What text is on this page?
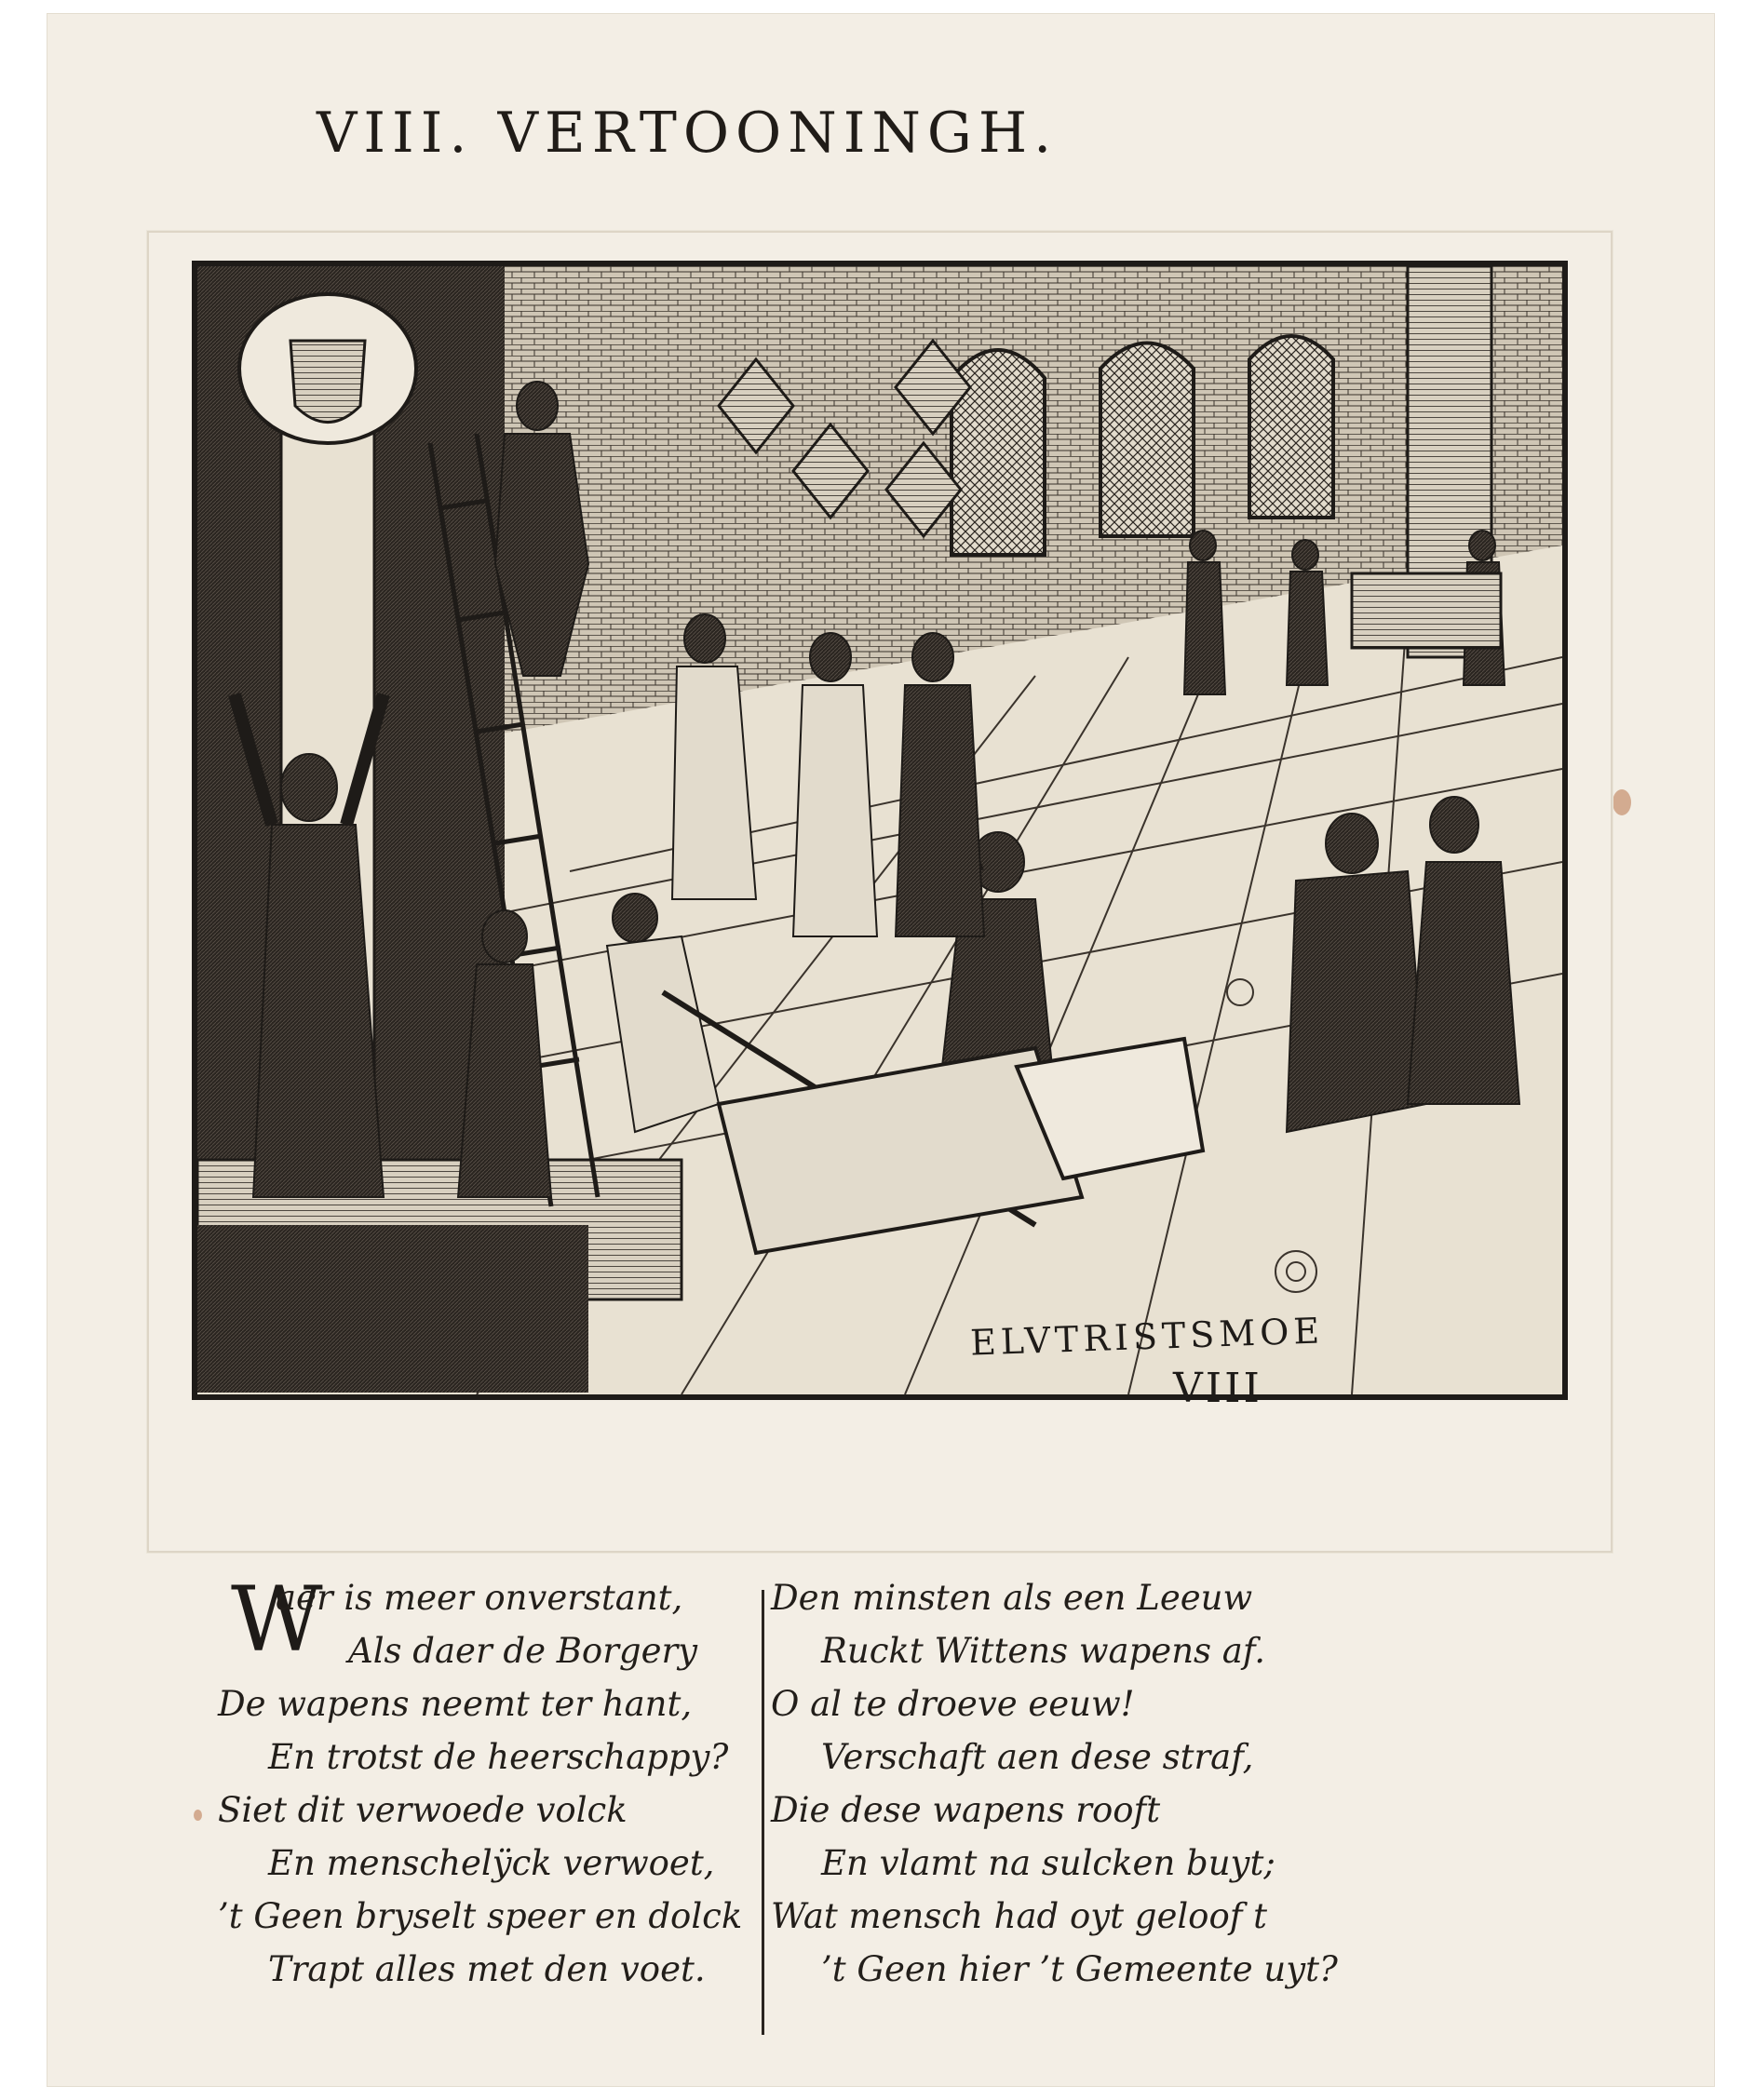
VIII. VERTOONINGH.
ELVTRISTSMOE
VIII
W
aer is meer onverstant,
Als daer de Borgery
De wapens neemt ter hant,
En trotst de heerschappy?
Siet dit verwoede volck
En menschelÿck verwoet,
’t Geen bryselt speer en dolck
Trapt alles met den voet.
Den minsten als een Leeuw
Ruckt Wittens wapens af.
O al te droeve eeuw!
Verschaft aen dese straf,
Die dese wapens rooft
En vlamt na sulcken buyt;
Wat mensch had oyt geloof t
’t Geen hier ’t Gemeente uyt?
